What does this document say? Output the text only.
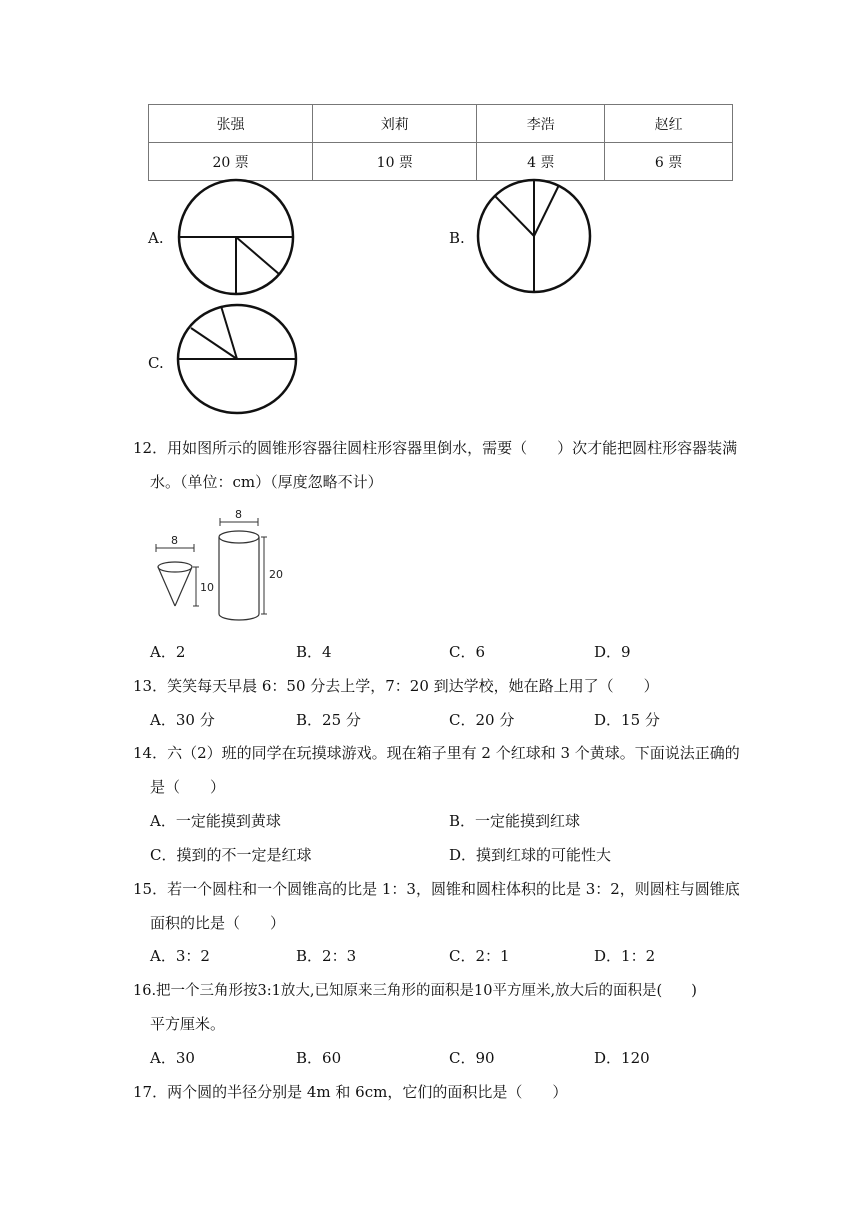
张强	刘莉	李浩	赵红
20 票	10 票	4 票	6 票
A.	B.
C.
12．用如图所示的圆锥形容器往圆柱形容器里倒水，需要（　　）次才能把圆柱形容器装满
水。（单位：cm）（厚度忽略不计）
8
10
8
20
A．2	B．4	C．6	D．9
13．笑笑每天早晨 6：50 分去上学，7：20 到达学校，她在路上用了（　　）
A．30 分	B．25 分	C．20 分	D．15 分
14．六（2）班的同学在玩摸球游戏。现在箱子里有 2 个红球和 3 个黄球。下面说法正确的
是（　　）
A．一定能摸到黄球	B．一定能摸到红球
C．摸到的不一定是红球	D．摸到红球的可能性大
15．若一个圆柱和一个圆锥高的比是 1：3，圆锥和圆柱体积的比是 3：2，则圆柱与圆锥底
面积的比是（　　）
A．3：2	B．2：3	C．2：1	D．1：2
16.把一个三角形按3:1放大,已知原来三角形的面积是10平方厘米,放大后的面积是(　　)
平方厘米。
A．30	B．60	C．90	D．120
17．两个圆的半径分别是 4m 和 6cm，它们的面积比是（　　）
